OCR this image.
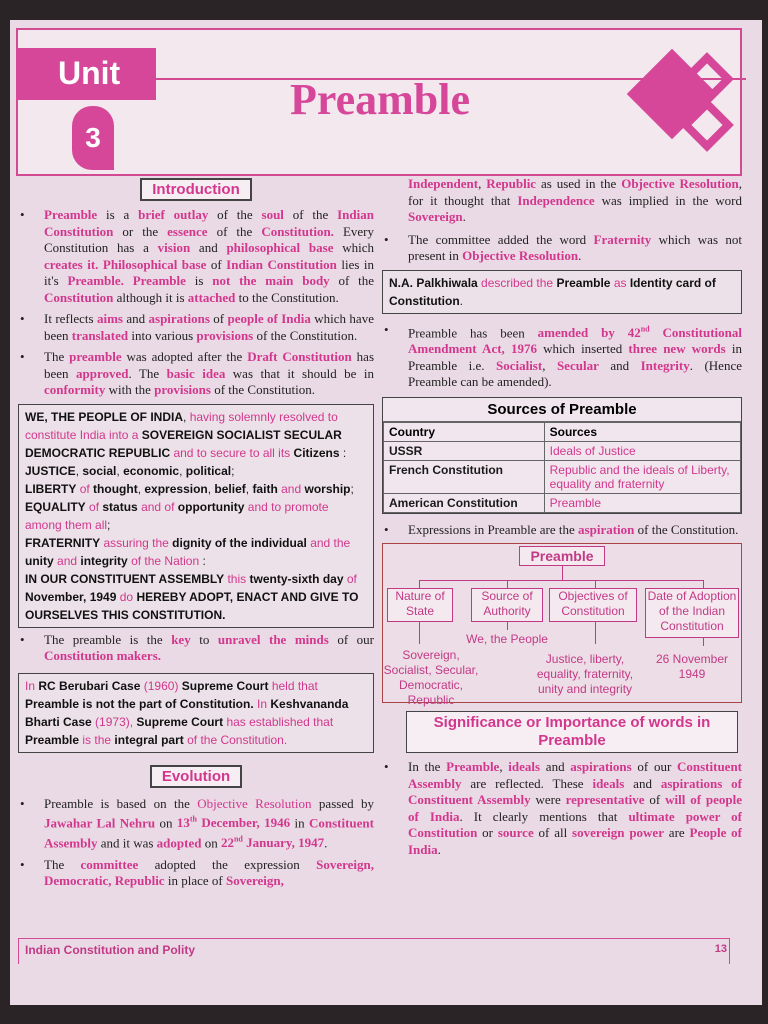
Unit
3
Preamble
Introduction
• Preamble is a brief outlay of the soul of the Indian Constitution or the essence of the Constitution. Every Constitution has a vision and philosophical base which creates it. Philosophical base of Indian Constitution lies in it's Preamble. Preamble is not the main body of the Constitution although it is attached to the Constitution.
• It reflects aims and aspirations of people of India which have been translated into various provisions of the Constitution.
• The preamble was adopted after the Draft Constitution has been approved. The basic idea was that it should be in conformity with the provisions of the Constitution.
WE, THE PEOPLE OF INDIA, having solemnly resolved to constitute India into a SOVEREIGN SOCIALIST SECULAR DEMOCRATIC REPUBLIC and to secure to all its Citizens :
JUSTICE, social, economic, political;
LIBERTY of thought, expression, belief, faith and worship;
EQUALITY of status and of opportunity and to promote among them all;
FRATERNITY assuring the dignity of the individual and the unity and integrity of the Nation :
IN OUR CONSTITUENT ASSEMBLY this twenty-sixth day of November, 1949 do HEREBY ADOPT, ENACT AND GIVE TO OURSELVES THIS CONSTITUTION.
• The preamble is the key to unravel the minds of our Constitution makers.
In RC Berubari Case (1960) Supreme Court held that Preamble is not the part of Constitution. In Keshvananda Bharti Case (1973), Supreme Court has established that Preamble is the integral part of the Constitution.
Evolution
• Preamble is based on the Objective Resolution passed by Jawahar Lal Nehru on 13th December, 1946 in Constituent Assembly and it was adopted on 22nd January, 1947.
• The committee adopted the expression Sovereign, Democratic, Republic in place of Sovereign,
Independent, Republic as used in the Objective Resolution, for it thought that Independence was implied in the word Sovereign.
• The committee added the word Fraternity which was not present in Objective Resolution.
N.A. Palkhiwala described the Preamble as Identity card of Constitution.
• Preamble has been amended by 42nd Constitutional Amendment Act, 1976 which inserted three new words in Preamble i.e. Socialist, Secular and Integrity. (Hence Preamble can be amended).
Sources of Preamble
Country	Sources
USSR	Ideals of Justice
French Constitution	Republic and the ideals of Liberty, equality and fraternity
American Constitution	Preamble
• Expressions in Preamble are the aspiration of the Constitution.
Preamble
Nature of State
Source of Authority
Objectives of Constitution
Date of Adoption of the Indian Constitution
We, the People
Sovereign, Socialist, Secular, Democratic, Republic
Justice, liberty, equality, fraternity, unity and integrity
26 November 1949
Significance or Importance of words in Preamble
• In the Preamble, ideals and aspirations of our Constituent Assembly are reflected. These ideals and aspirations of Constituent Assembly were representative of will of people of India. It clearly mentions that ultimate power of Constitution or source of all sovereign power are People of India.
Indian Constitution and Polity	13
